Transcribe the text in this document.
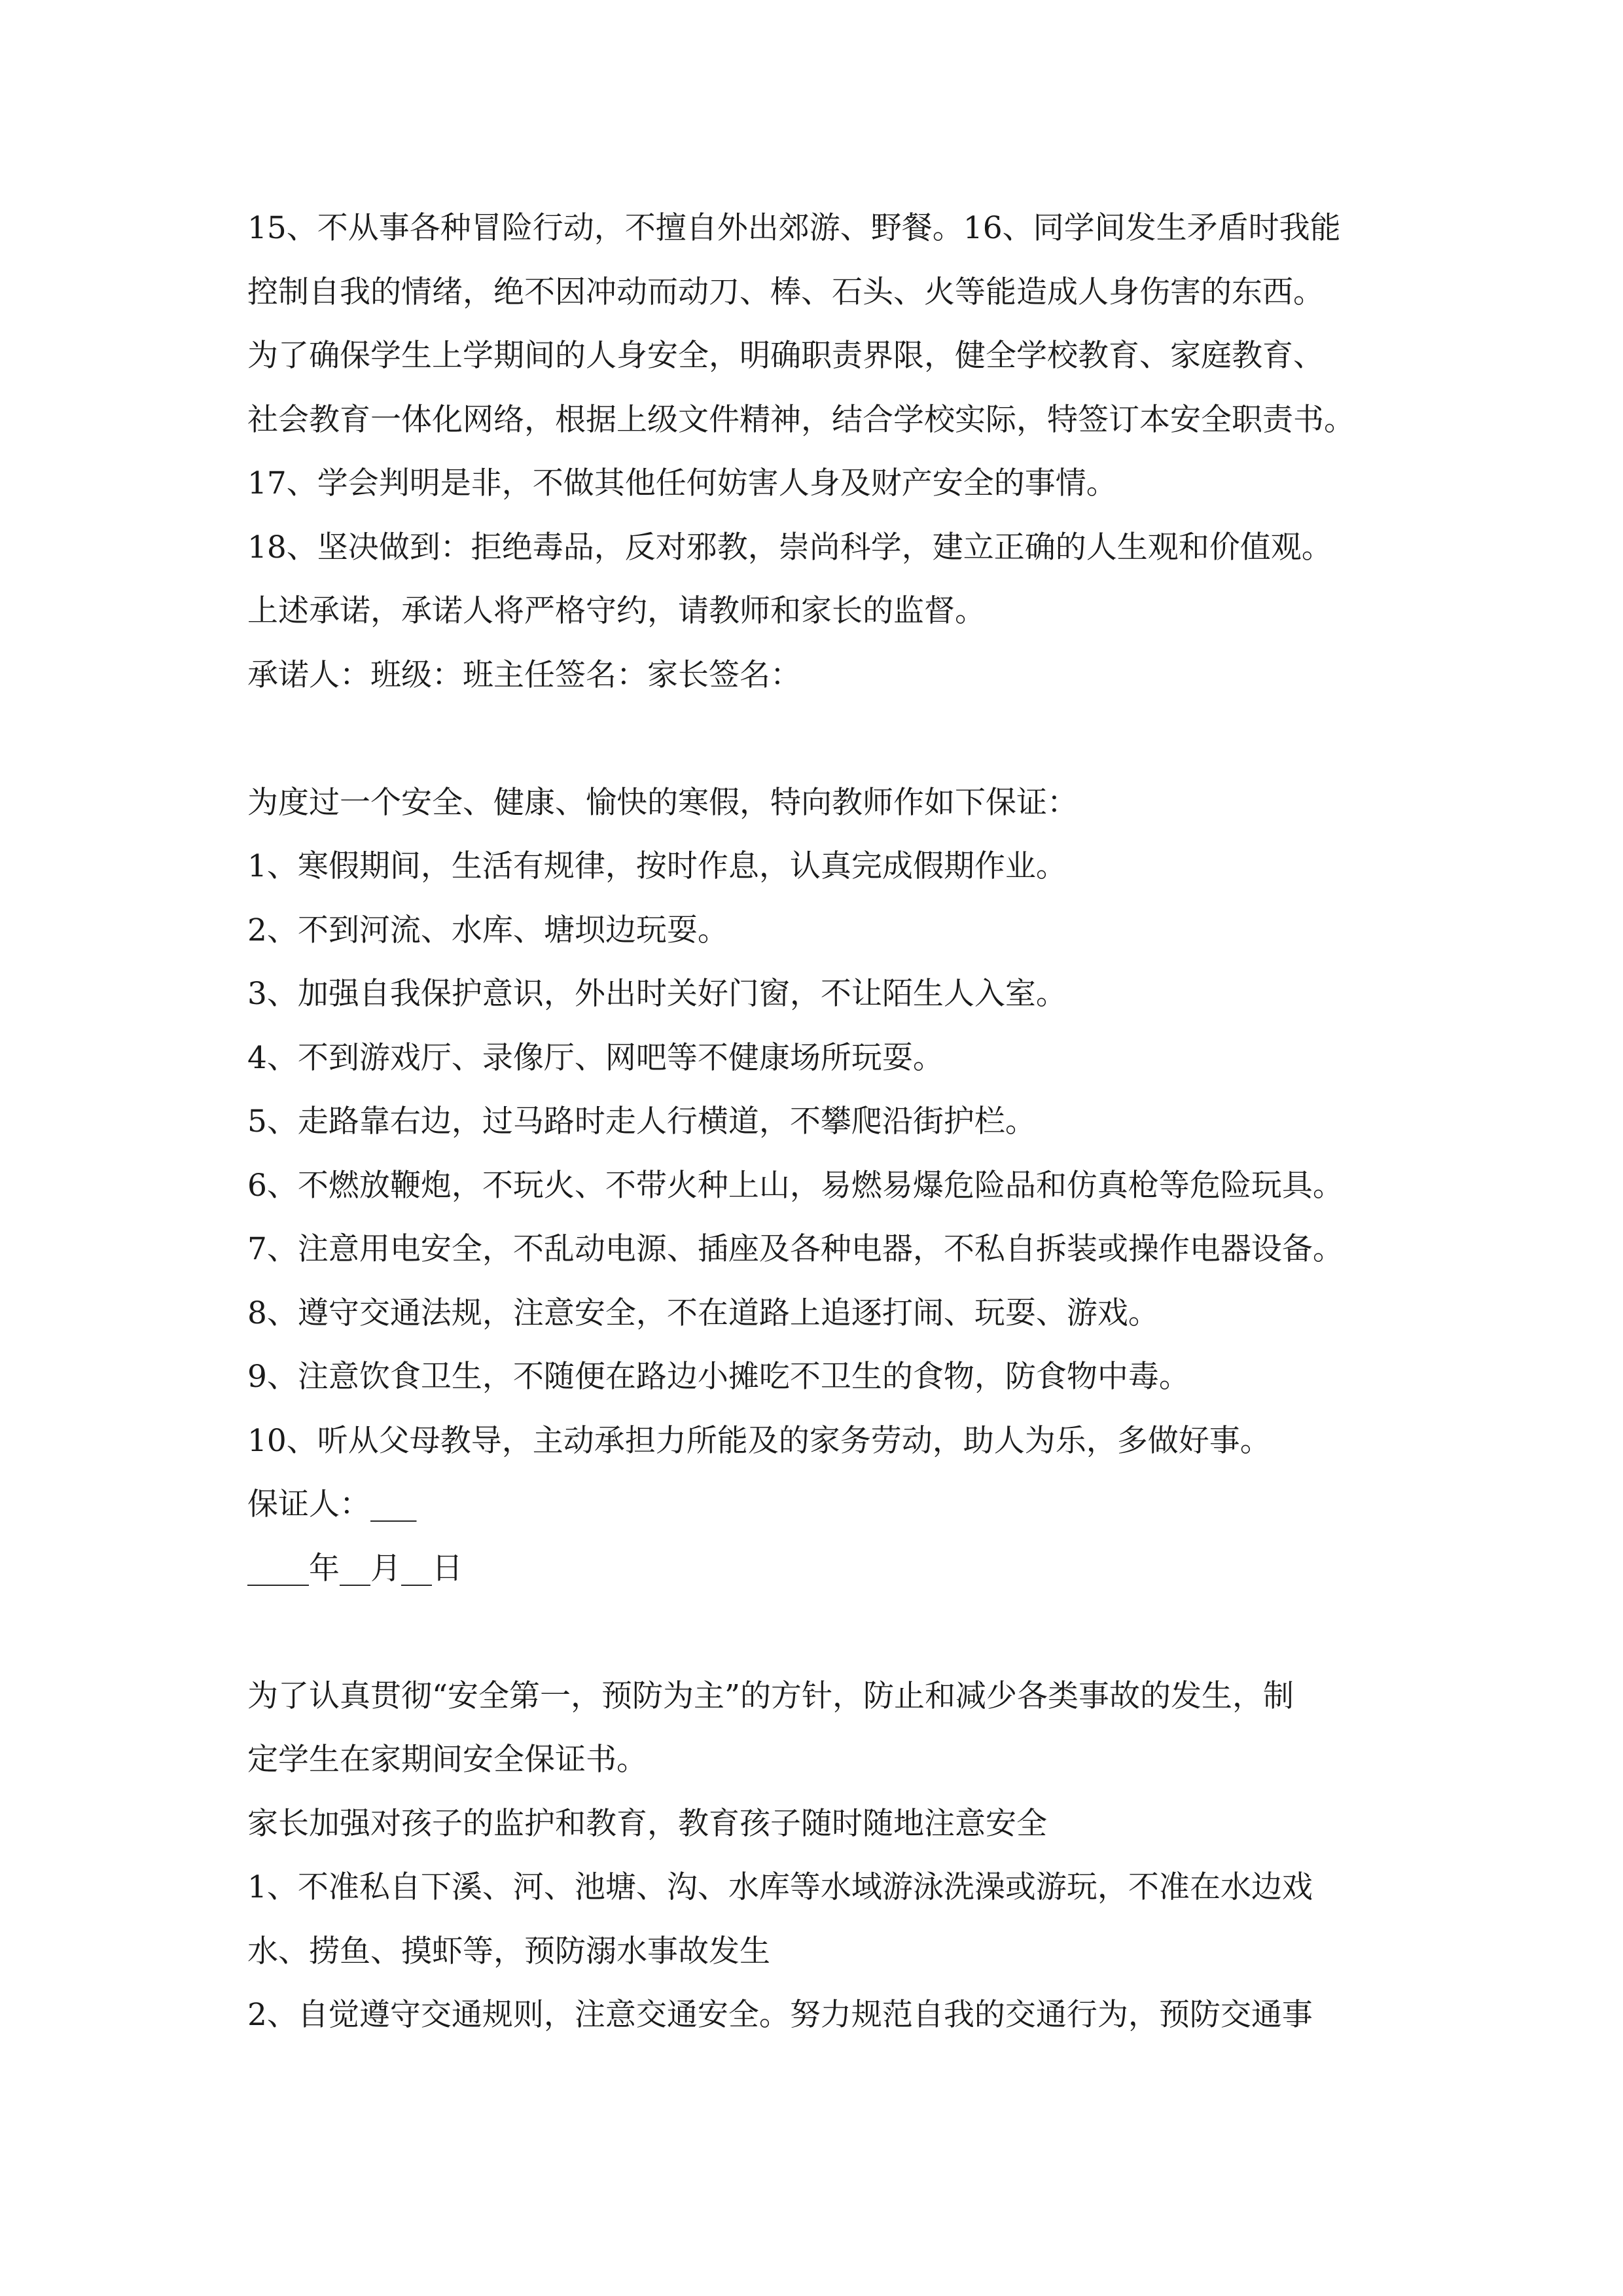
15、不从事各种冒险行动，不擅自外出郊游、野餐。16、同学间发生矛盾时我能
控制自我的情绪，绝不因冲动而动刀、棒、石头、火等能造成人身伤害的东西。
为了确保学生上学期间的人身安全，明确职责界限，健全学校教育、家庭教育、
社会教育一体化网络，根据上级文件精神，结合学校实际，特签订本安全职责书。
17、学会判明是非，不做其他任何妨害人身及财产安全的事情。
18、坚决做到：拒绝毒品，反对邪教，崇尚科学，建立正确的人生观和价值观。
上述承诺，承诺人将严格守约，请教师和家长的监督。
承诺人：班级：班主任签名：家长签名：
为度过一个安全、健康、愉快的寒假，特向教师作如下保证：
1、寒假期间，生活有规律，按时作息，认真完成假期作业。
2、不到河流、水库、塘坝边玩耍。
3、加强自我保护意识，外出时关好门窗，不让陌生人入室。
4、不到游戏厅、录像厅、网吧等不健康场所玩耍。
5、走路靠右边，过马路时走人行横道，不攀爬沿街护栏。
6、不燃放鞭炮，不玩火、不带火种上山，易燃易爆危险品和仿真枪等危险玩具。
7、注意用电安全，不乱动电源、插座及各种电器，不私自拆装或操作电器设备。
8、遵守交通法规，注意安全，不在道路上追逐打闹、玩耍、游戏。
9、注意饮食卫生，不随便在路边小摊吃不卫生的食物，防食物中毒。
10、听从父母教导，主动承担力所能及的家务劳动，助人为乐，多做好事。
保证人：___
____年__月__日
为了认真贯彻“安全第一，预防为主”的方针，防止和减少各类事故的发生，制
定学生在家期间安全保证书。
家长加强对孩子的监护和教育，教育孩子随时随地注意安全
1、不准私自下溪、河、池塘、沟、水库等水域游泳洗澡或游玩，不准在水边戏
水、捞鱼、摸虾等，预防溺水事故发生
2、自觉遵守交通规则，注意交通安全。努力规范自我的交通行为，预防交通事
